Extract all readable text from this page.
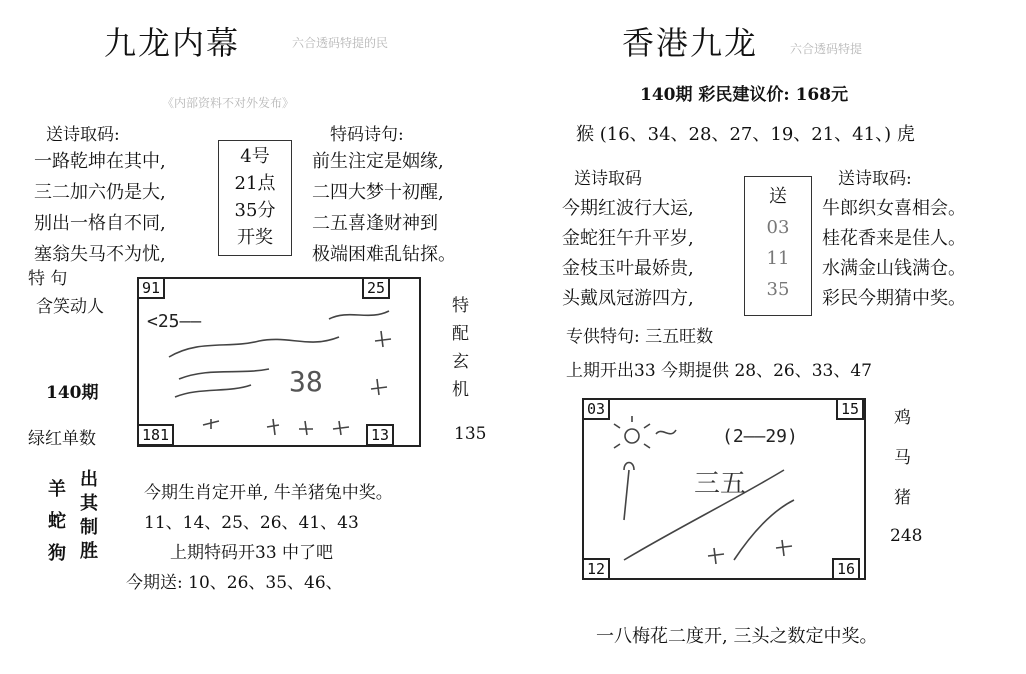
九龙内幕	六合透码特提的民
《内部资料不对外发布》
送诗取码:	特码诗句:
一路乾坤在其中,
三二加六仍是大,
别出一格自不同,
塞翁失马不为忧,
4号
21点
35分
开奖
前生注定是姻缘,
二四大梦十初醒,
二五喜逢财神到
极端困难乱钻探。
特 句
含笑动人
140期
绿红单数
<25——
38
91	25
181	13
特
配
玄
机
135
羊
蛇
狗
出
其
制
胜
今期生肖定开单, 牛羊猪兔中奖。
11、14、25、26、41、43
上期特码开33 中了吧
今期送: 10、26、35、46、
香港九龙	六合透码特提
140期 彩民建议价: 168元
猴 (16、34、28、27、19、21、41、) 虎
送诗取码	送诗取码:
今期红波行大运,
金蛇狂午升平岁,
金枝玉叶最娇贵,
头戴凤冠游四方,
送
03
11
35
牛郎织女喜相会。
桂花香来是佳人。
水满金山钱满仓。
彩民今期猜中奖。
专供特句: 三五旺数
上期开出33 今期提供 28、26、33、47
(2——29)
三五
03	15
12	16
鸡
马
猪
248
一八梅花二度开, 三头之数定中奖。
